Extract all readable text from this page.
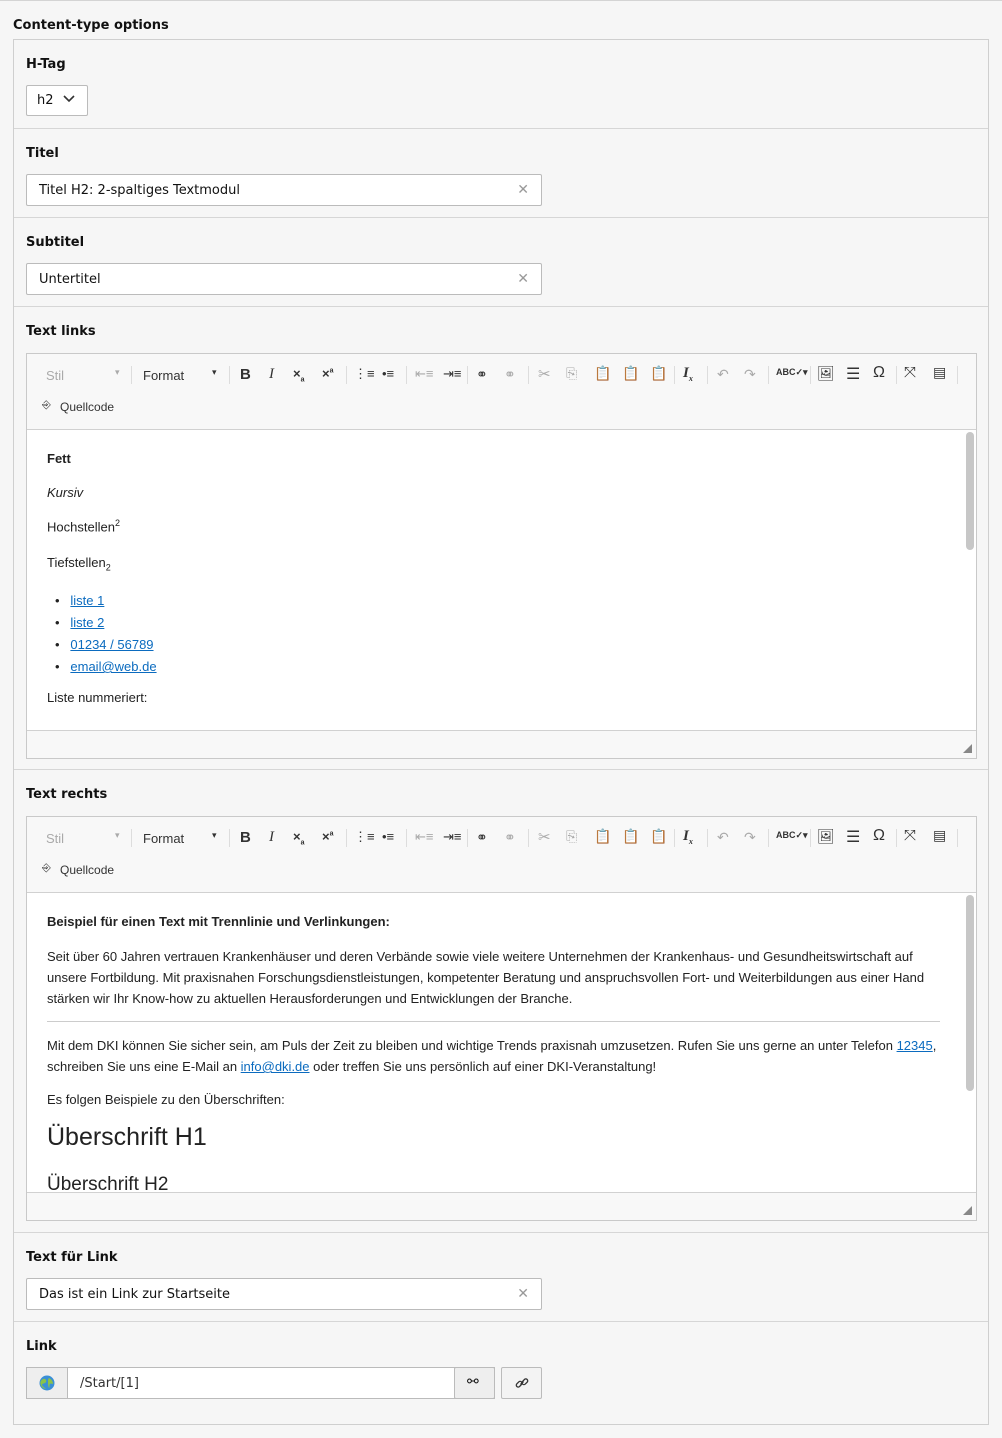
Content-type options
H-Tag
h2
Titel
Titel H2: 2-spaltiges Textmodul	✕
Subtitel
Untertitel	✕
Text links
Stil	▾ Format	▾ B $I \times_a \times^a$ ⋮≡ •≡ ⇤≡ ⇥≡ ⚭ ⚭ ✂ ⎘ 📋 📋 📋 $I_x$ ↶ ↷ ABC✓▾ 🖼 ☰ Ω ⤧ ▤
⎆ Quellcode
Fett
Kursiv
Hochstellen$^2$
Tiefstellen$_2$
•   liste 1
•   liste 2
•   01234 / 56789
•   email@web.de
Liste nummeriert:
Text rechts
Stil	▾ Format	▾ B $I \times_a \times^a$ ⋮≡ •≡ ⇤≡ ⇥≡ ⚭ ⚭ ✂ ⎘ 📋 📋 📋 $I_x$ ↶ ↷ ABC✓▾ 🖼 ☰ Ω ⤧ ▤
⎆ Quellcode
Beispiel für einen Text mit Trennlinie und Verlinkungen:
Seit über 60 Jahren vertrauen Krankenhäuser und deren Verbände sowie viele weitere Unternehmen der Krankenhaus- und Gesundheitswirtschaft auf unsere Fortbildung. Mit praxisnahen Forschungsdienstleistungen, kompetenter Beratung und anspruchsvollen Fort- und Weiterbildungen aus einer Hand stärken wir Ihr Know-how zu aktuellen Herausforderungen und Entwicklungen der Branche.
Mit dem DKI können Sie sicher sein, am Puls der Zeit zu bleiben und wichtige Trends praxisnah umzusetzen. Rufen Sie uns gerne an unter Telefon 12345, schreiben Sie uns eine E-Mail an info@dki.de oder treffen Sie uns persönlich auf einer DKI-Veranstaltung!
Es folgen Beispiele zu den Überschriften:
Überschrift H1
Überschrift H2
Text für Link
Das ist ein Link zur Startseite	✕
Link
/Start/[1]	⚯
